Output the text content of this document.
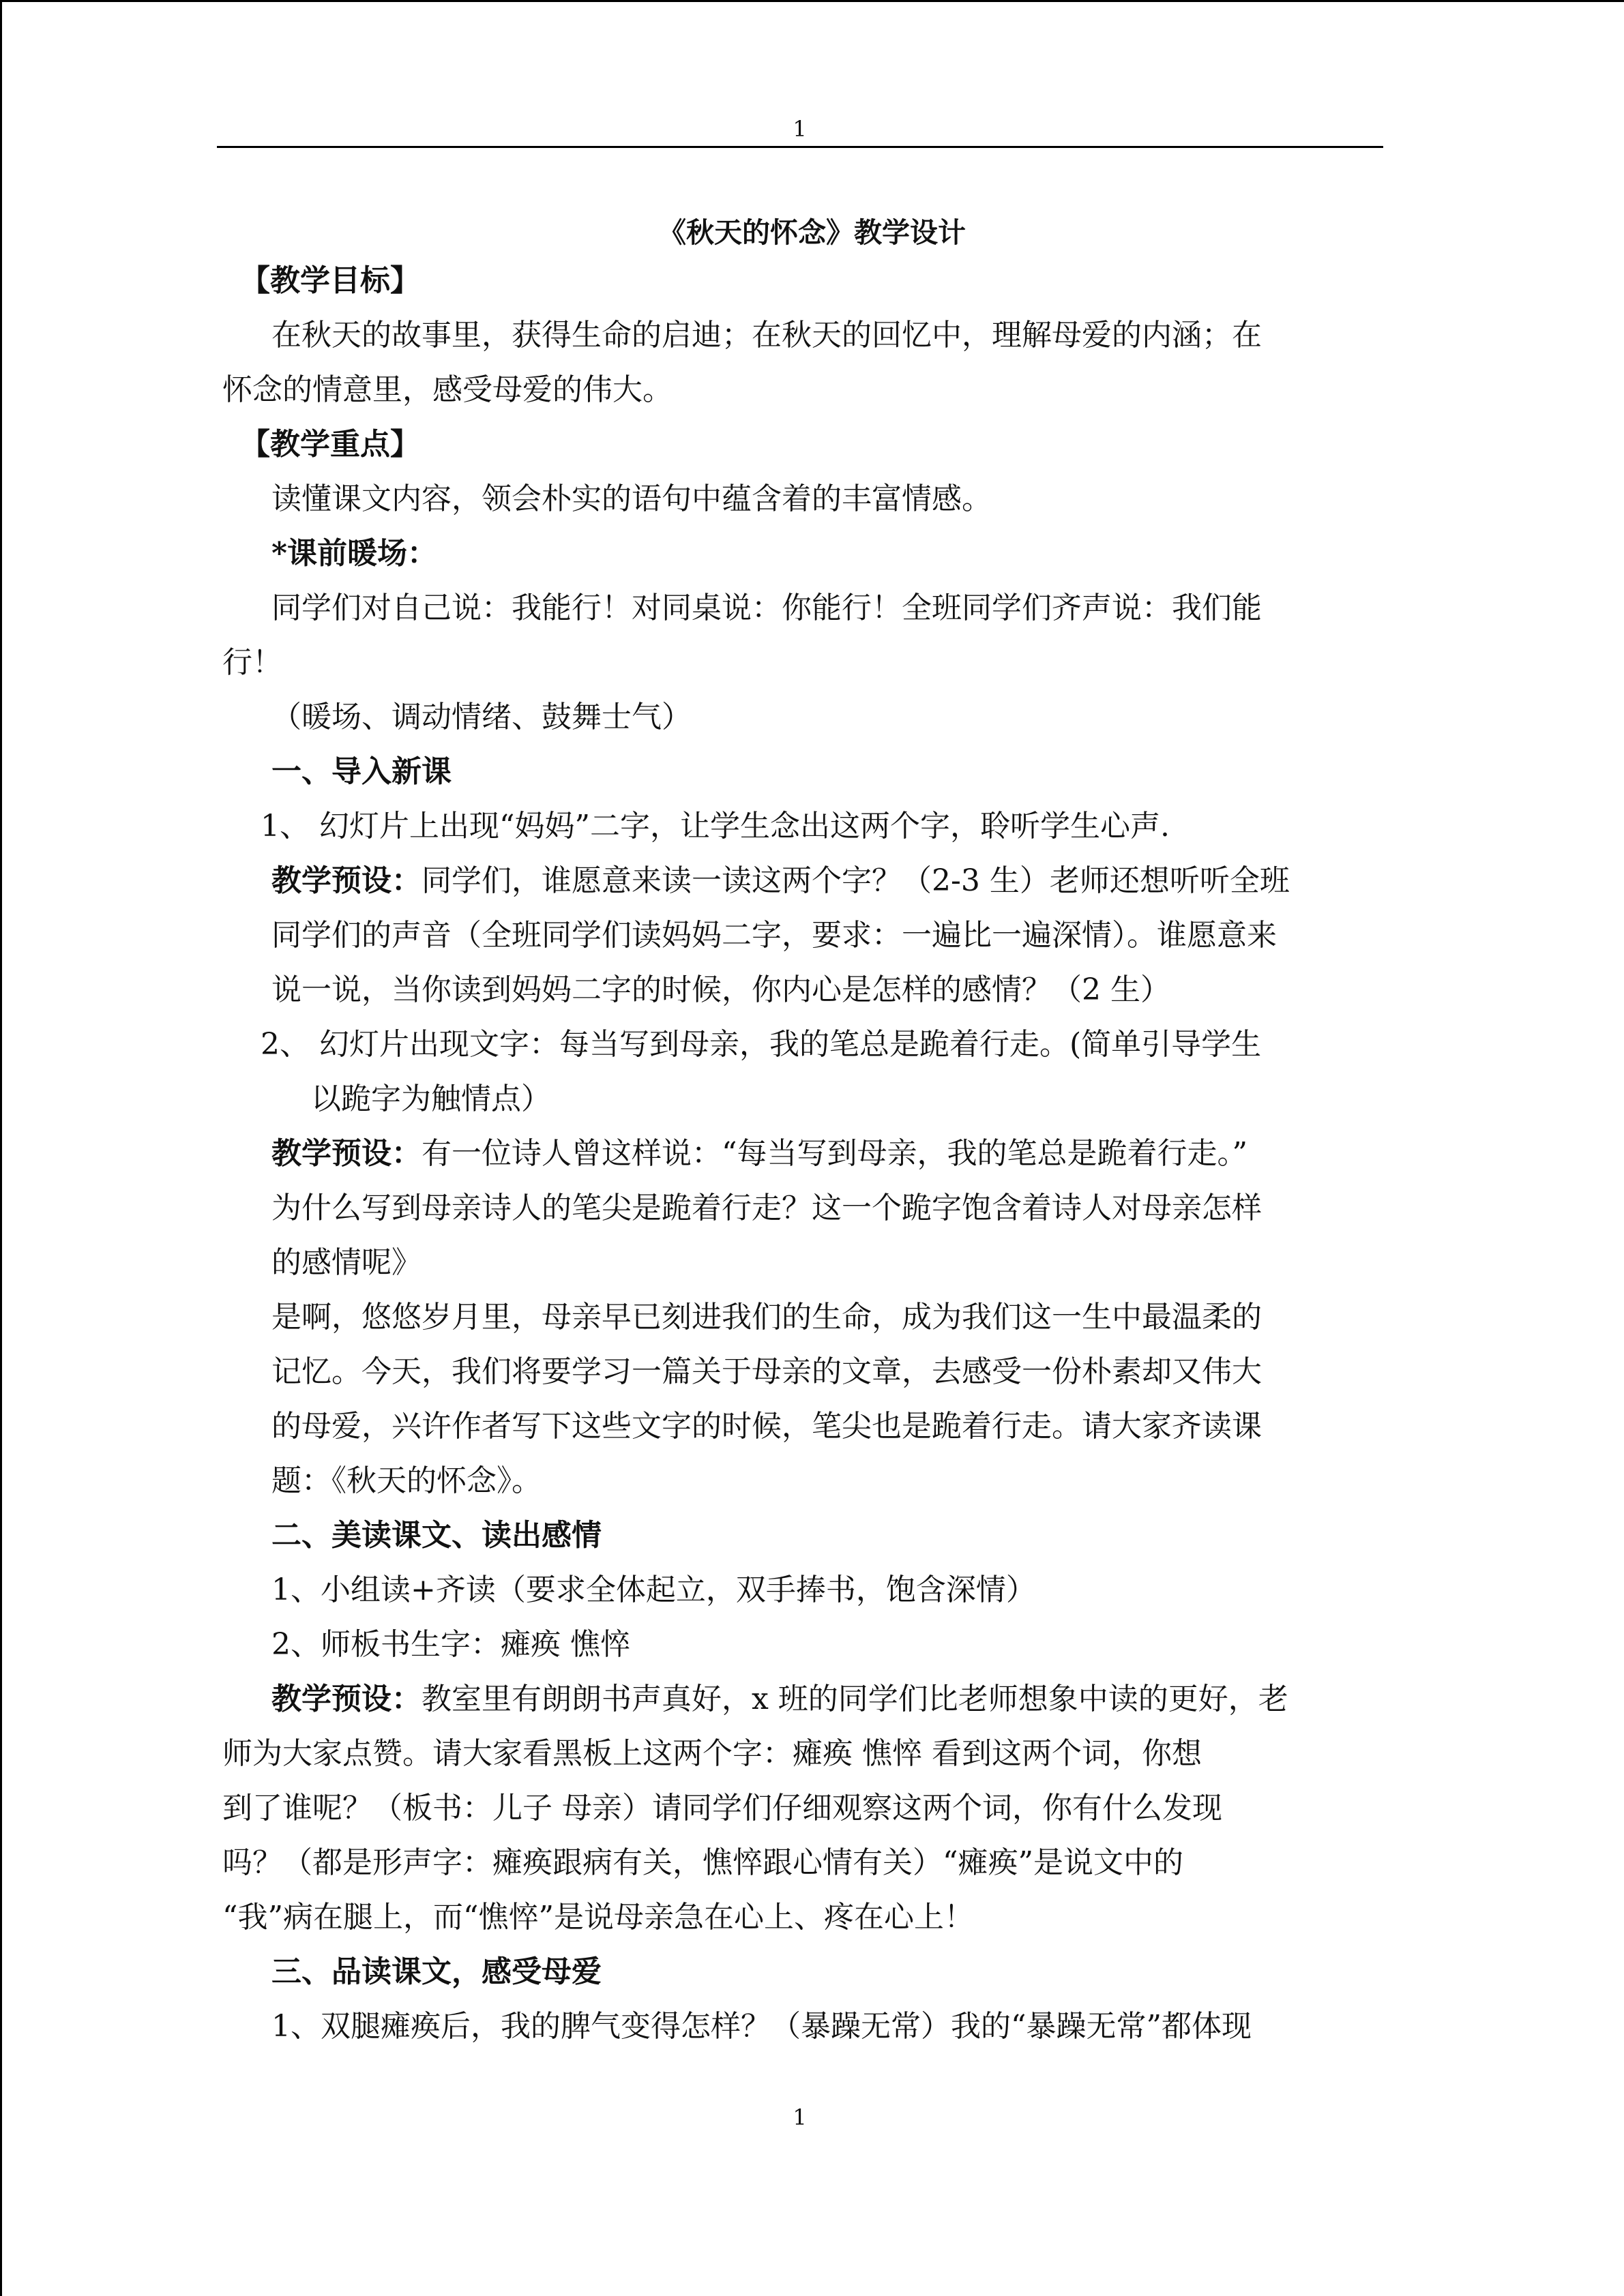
1
《秋天的怀念》教学设计
【教学目标】
在秋天的故事里，获得生命的启迪；在秋天的回忆中，理解母爱的内涵；在
怀念的情意里，感受母爱的伟大。
【教学重点】
读懂课文内容，领会朴实的语句中蕴含着的丰富情感。
*课前暖场：
同学们对自己说：我能行！对同桌说：你能行！全班同学们齐声说：我们能
行！
（暖场、调动情绪、鼓舞士气）
一、导入新课
1、 幻灯片上出现“妈妈”二字，让学生念出这两个字，聆听学生心声.
教学预设：同学们，谁愿意来读一读这两个字？（2-3 生）老师还想听听全班
同学们的声音（全班同学们读妈妈二字，要求：一遍比一遍深情）。谁愿意来
说一说，当你读到妈妈二字的时候，你内心是怎样的感情？（2 生）
2、 幻灯片出现文字：每当写到母亲，我的笔总是跪着行走。(简单引导学生
以跪字为触情点）
教学预设：有一位诗人曾这样说：“每当写到母亲，我的笔总是跪着行走。”
为什么写到母亲诗人的笔尖是跪着行走？这一个跪字饱含着诗人对母亲怎样
的感情呢》
是啊，悠悠岁月里，母亲早已刻进我们的生命，成为我们这一生中最温柔的
记忆。今天，我们将要学习一篇关于母亲的文章，去感受一份朴素却又伟大
的母爱，兴许作者写下这些文字的时候，笔尖也是跪着行走。请大家齐读课
题：《秋天的怀念》。
二、美读课文、读出感情
1、小组读+齐读（要求全体起立，双手捧书，饱含深情）
2、师板书生字：瘫痪 憔悴
教学预设：教室里有朗朗书声真好，x 班的同学们比老师想象中读的更好，老
师为大家点赞。请大家看黑板上这两个字：瘫痪 憔悴 看到这两个词，你想
到了谁呢？（板书：儿子 母亲）请同学们仔细观察这两个词，你有什么发现
吗？（都是形声字：瘫痪跟病有关，憔悴跟心情有关）“瘫痪”是说文中的
“我”病在腿上，而“憔悴”是说母亲急在心上、疼在心上！
三、品读课文，感受母爱
1、双腿瘫痪后，我的脾气变得怎样？（暴躁无常）我的“暴躁无常”都体现
1
